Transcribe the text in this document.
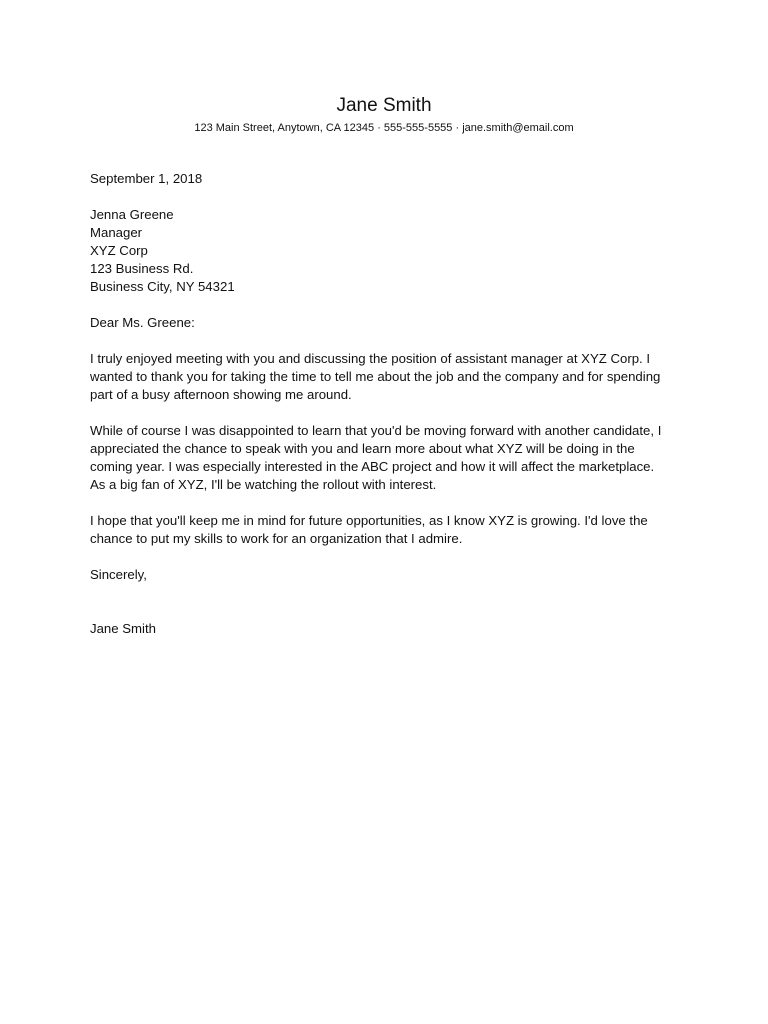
Jane Smith
123 Main Street, Anytown, CA 12345 · 555-555-5555 · jane.smith@email.com
September 1, 2018
Jenna Greene
Manager
XYZ Corp
123 Business Rd.
Business City, NY 54321
Dear Ms. Greene:
I truly enjoyed meeting with you and discussing the position of assistant manager at XYZ Corp. I
wanted to thank you for taking the time to tell me about the job and the company and for spending
part of a busy afternoon showing me around.
While of course I was disappointed to learn that you'd be moving forward with another candidate, I
appreciated the chance to speak with you and learn more about what XYZ will be doing in the
coming year. I was especially interested in the ABC project and how it will affect the marketplace.
As a big fan of XYZ, I'll be watching the rollout with interest.
I hope that you'll keep me in mind for future opportunities, as I know XYZ is growing. I'd love the
chance to put my skills to work for an organization that I admire.
Sincerely,
Jane Smith
